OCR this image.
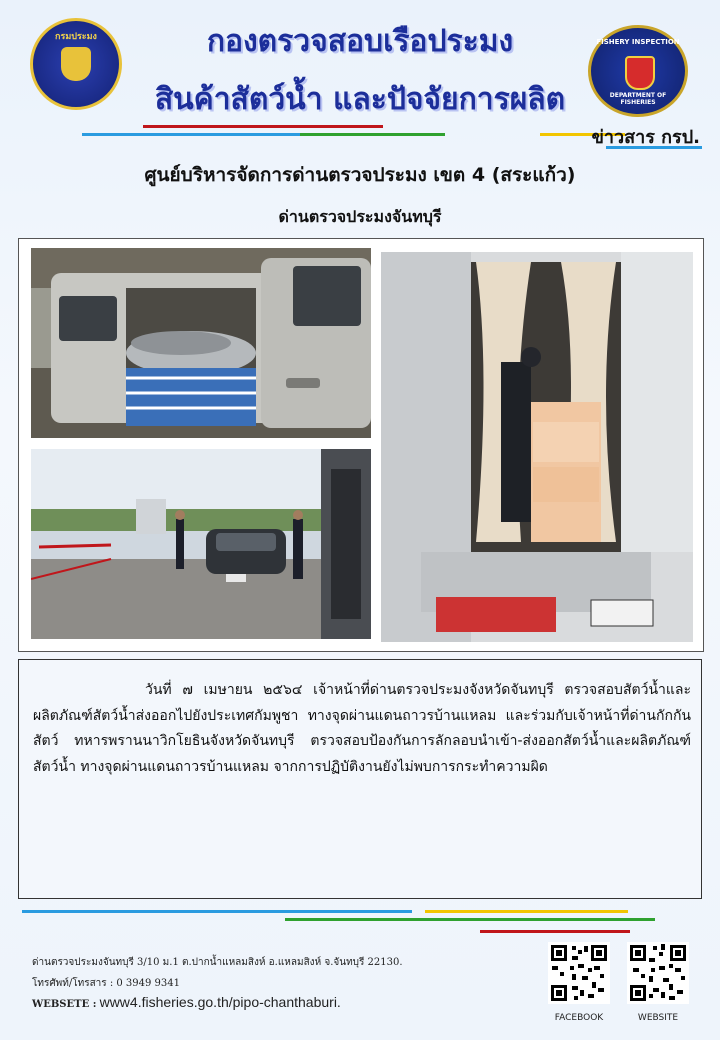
กรมประมง	กองตรวจสอบเรือประมง
สินค้าสัตว์น้ำ และปัจจัยการผลิต
FISHERY INSPECTION
DEPARTMENT OF FISHERIES
ข่าวสาร กรป.
ศูนย์บริหารจัดการด่านตรวจประมง เขต 4 (สระแก้ว)
ด่านตรวจประมงจันทบุรี
วันที่ ๗ เมษายน ๒๕๖๔ เจ้าหน้าที่ด่านตรวจประมงจังหวัดจันทบุรี ตรวจสอบสัตว์น้ำและผลิตภัณฑ์สัตว์น้ำส่งออกไปยังประเทศกัมพูชา ทางจุดผ่านแดนถาวรบ้านแหลม และร่วมกับเจ้าหน้าที่ด่านกักกันสัตว์ ทหารพรานนาวิกโยธินจังหวัดจันทบุรี ตรวจสอบป้องกันการลักลอบนำเข้า-ส่งออกสัตว์น้ำและผลิตภัณฑ์สัตว์น้ำ ทางจุดผ่านแดนถาวรบ้านแหลม จากการปฏิบัติงานยังไม่พบการกระทำความผิด
ด่านตรวจประมงจันทบุรี 3/10 ม.1 ต.ปากน้ำแหลมสิงห์ อ.แหลมสิงห์ จ.จันทบุรี 22130.
โทรศัพท์/โทรสาร : 0 3949 9341
WEBSETE : www4.fisheries.go.th/pipo-chanthaburi.
FACEBOOK	WEBSITE
